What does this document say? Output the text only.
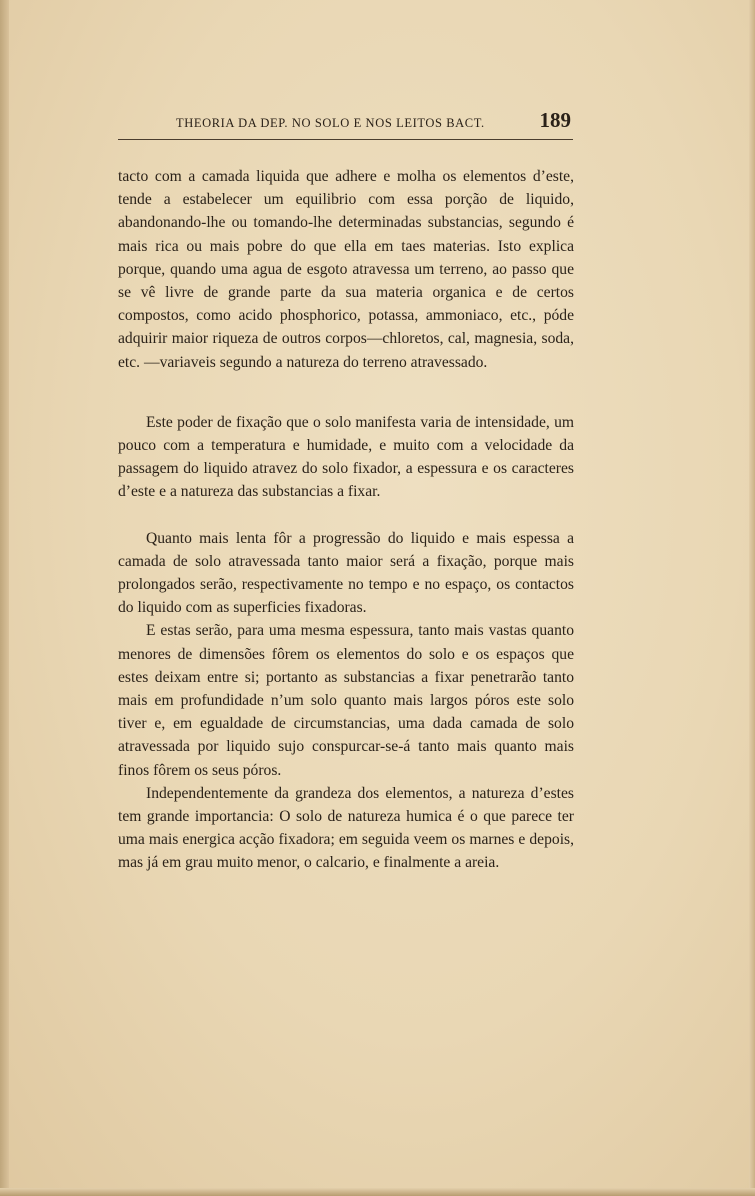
THEORIA DA DEP. NO SOLO E NOS LEITOS BACT.	189

tacto com a camada liquida que adhere e molha os elementos d’este, tende a estabelecer um equilibrio com essa porção de liquido, abandonando-lhe ou tomando-lhe determinadas substancias, segundo é mais rica ou mais pobre do que ella em taes materias. Isto explica porque, quando uma agua de esgoto atravessa um terreno, ao passo que se vê livre de grande parte da sua materia organica e de certos compostos, como acido phosphorico, potassa, ammoniaco, etc., póde adquirir maior riqueza de outros corpos—chloretos, cal, magnesia, soda, etc. —variaveis segundo a natureza do terreno atravessado.

Este poder de fixação que o solo manifesta varia de intensidade, um pouco com a temperatura e humidade, e muito com a velocidade da passagem do liquido atravez do solo fixador, a espessura e os caracteres d’este e a natureza das substancias a fixar.

Quanto mais lenta fôr a progressão do liquido e mais espessa a camada de solo atravessada tanto maior será a fixação, porque mais prolongados serão, respectivamente no tempo e no espaço, os contactos do liquido com as superficies fixadoras.

E estas serão, para uma mesma espessura, tanto mais vastas quanto menores de dimensões fôrem os elementos do solo e os espaços que estes deixam entre si; portanto as substancias a fixar penetrarão tanto mais em profundidade n’um solo quanto mais largos póros este solo tiver e, em egualdade de circumstancias, uma dada camada de solo atravessada por liquido sujo conspurcar-se-á tanto mais quanto mais finos fôrem os seus póros.

Independentemente da grandeza dos elementos, a natureza d’estes tem grande importancia: O solo de natureza humica é o que parece ter uma mais energica acção fixadora; em seguida veem os marnes e depois, mas já em grau muito menor, o calcario, e finalmente a areia.
